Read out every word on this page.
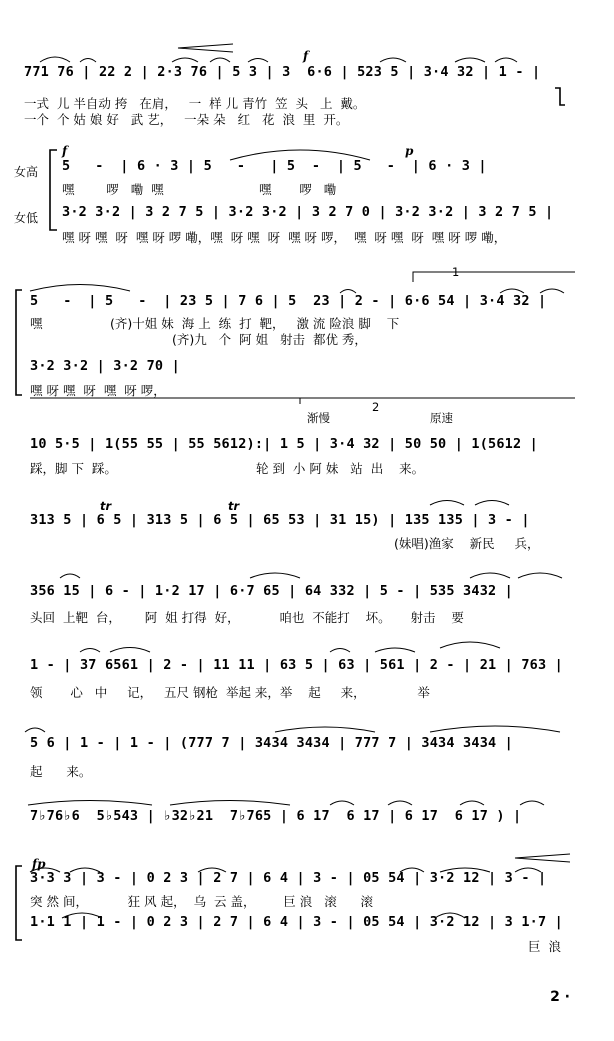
771 76 | 22 2 | 2·3 76 | 5 3 | 3  6·6 | 523 5 | 3·4 32 | 1 - |
一式  儿 半自动 挎   在肩，   一  样 儿 青竹  笠  头   上  戴。
一个  个 姑 娘 好   武 艺，   一朵 朵   红   花  浪  里  开。
f
女高
女低
f	p
5   -  | 6 · 3 | 5   -   | 5  -  | 5   -  | 6 · 3 |
嘿        啰   嘞  嘿                        嘿       啰   嘞
3·2 3·2 | 3 2 7 5 | 3·2 3·2 | 3 2 7 0 | 3·2 3·2 | 3 2 7 5 |
嘿 呀 嘿  呀  嘿 呀 啰 嘞，嘿  呀 嘿  呀  嘿 呀 啰，  嘿  呀 嘿  呀  嘿 呀 啰 嘞，
1
5   -  | 5   -  | 23 5 | 7 6 | 5  23 | 2 - | 6·6 54 | 3·4 32 |
嘿                 (齐)十姐 妹  海 上  练  打  靶，   激 流 险浪 脚    下
(齐)九   个  阿 姐   射击  都优 秀，
3·2 3·2 | 3·2 70 |
嘿 呀 嘿  呀  嘿  呀 啰，
渐慢
2
原速
10 5·5 | 1(55 55 | 55 5612):| 1 5 | 3·4 32 | 50 50 | 1(5612 |
踩，脚 下  踩。                                   轮 到  小 阿 妹   站  出    来。
tr	tr
313 5 | 6 5 | 313 5 | 6 5 | 65 53 | 31 15) | 135 135 | 3 - |
(妹唱)渔家    新民     兵，
356 15 | 6 - | 1·2 17 | 6·7 65 | 64 332 | 5 - | 535 3432 |
头回  上靶  台，      阿  姐 打得  好，          咱也  不能打    坏。     射击    要
1 - | 37 6561 | 2 - | 11 11 | 63 5 | 63 | 561 | 2 - | 21 | 763 |
领       心   中     记，   五尺 钢枪  举起 来，举    起     来，             举
5 6 | 1 - | 1 - | (777 7 | 3434 3434 | 777 7 | 3434 3434 |
起      来。
7♭76♭6  5♭543 | ♭32♭21  7♭765 | 6 17  6 17 | 6 17  6 17 ) |
fp
3·3 3 | 3 - | 0 2 3 | 2 7 | 6 4 | 3 - | 05 54 | 3·2 12 | 3 - |
突 然 间，          狂 风 起，  乌  云 盖，       巨 浪   滚      滚
1·1 1 | 1 - | 0 2 3 | 2 7 | 6 4 | 3 - | 05 54 | 3·2 12 | 3 1·7 |
巨  浪
2 ·
